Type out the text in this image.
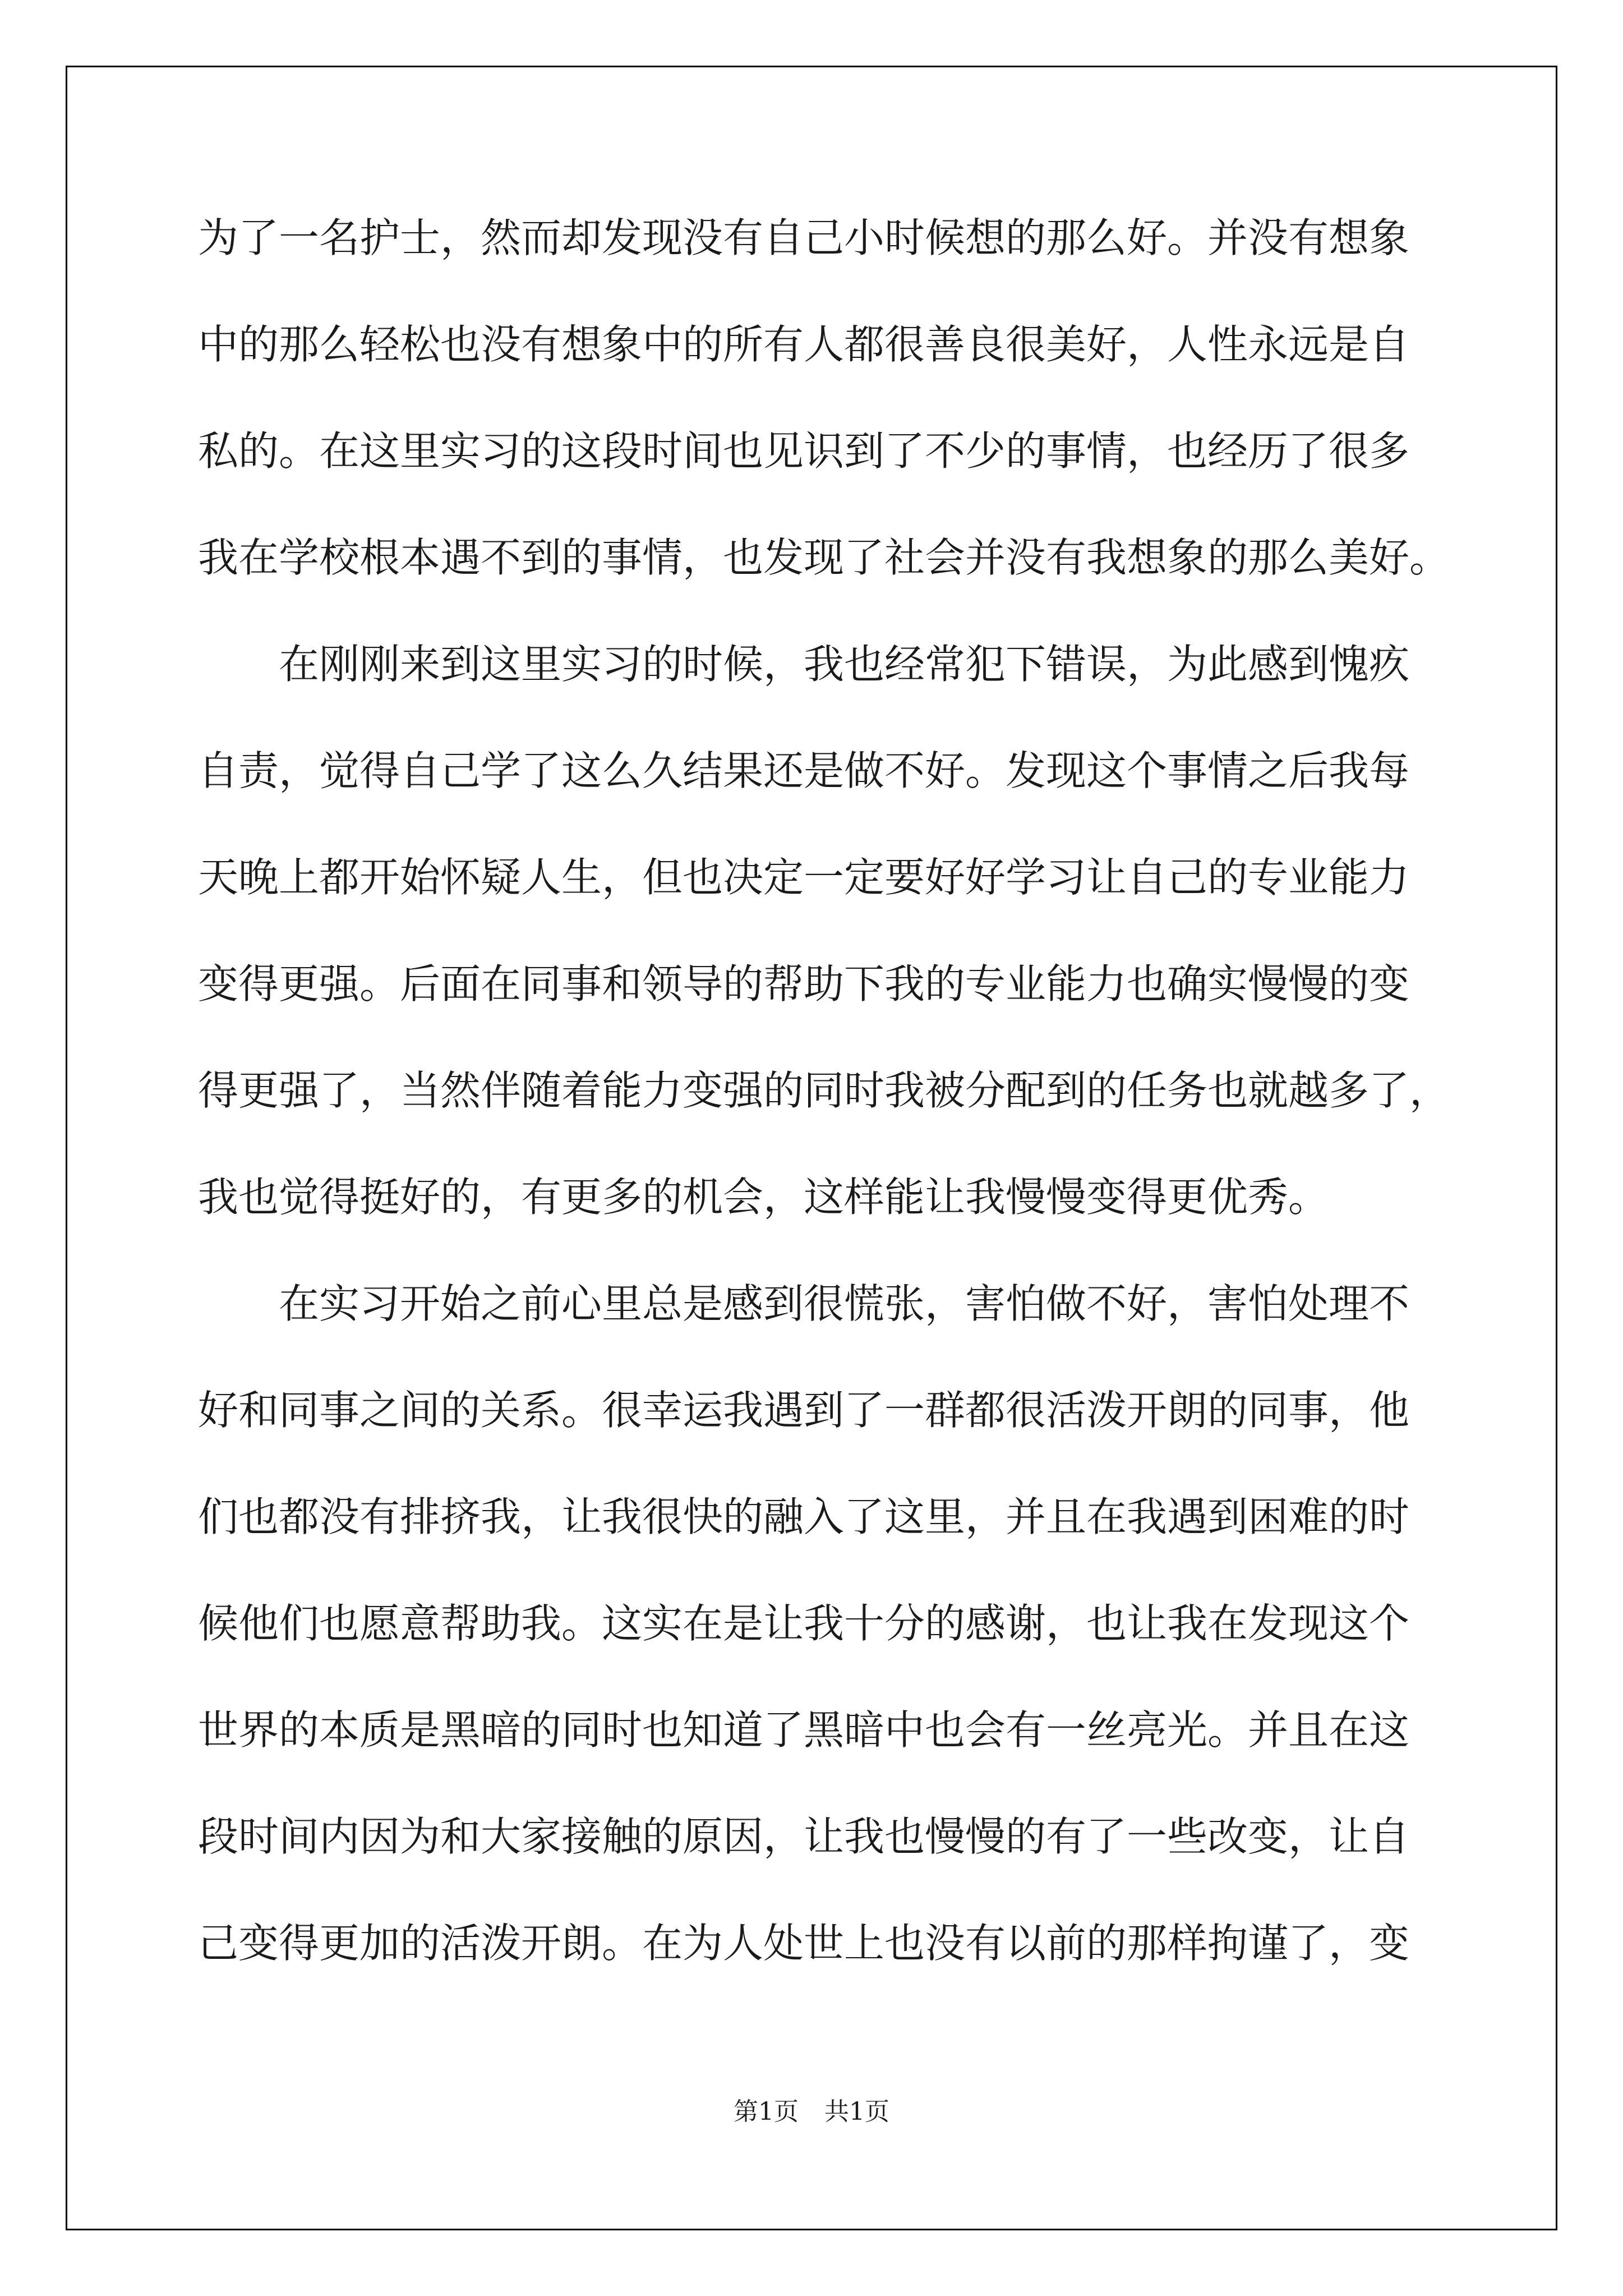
为了一名护士，然而却发现没有自己小时候想的那么好。并没有想象
中的那么轻松也没有想象中的所有人都很善良很美好，人性永远是自
私的。在这里实习的这段时间也见识到了不少的事情，也经历了很多
我在学校根本遇不到的事情，也发现了社会并没有我想象的那么美好。
在刚刚来到这里实习的时候，我也经常犯下错误，为此感到愧疚
自责，觉得自己学了这么久结果还是做不好。发现这个事情之后我每
天晚上都开始怀疑人生，但也决定一定要好好学习让自己的专业能力
变得更强。后面在同事和领导的帮助下我的专业能力也确实慢慢的变
得更强了，当然伴随着能力变强的同时我被分配到的任务也就越多了，
我也觉得挺好的，有更多的机会，这样能让我慢慢变得更优秀。
在实习开始之前心里总是感到很慌张，害怕做不好，害怕处理不
好和同事之间的关系。很幸运我遇到了一群都很活泼开朗的同事，他
们也都没有排挤我，让我很快的融入了这里，并且在我遇到困难的时
候他们也愿意帮助我。这实在是让我十分的感谢，也让我在发现这个
世界的本质是黑暗的同时也知道了黑暗中也会有一丝亮光。并且在这
段时间内因为和大家接触的原因，让我也慢慢的有了一些改变，让自
己变得更加的活泼开朗。在为人处世上也没有以前的那样拘谨了，变
第1页 共1页
